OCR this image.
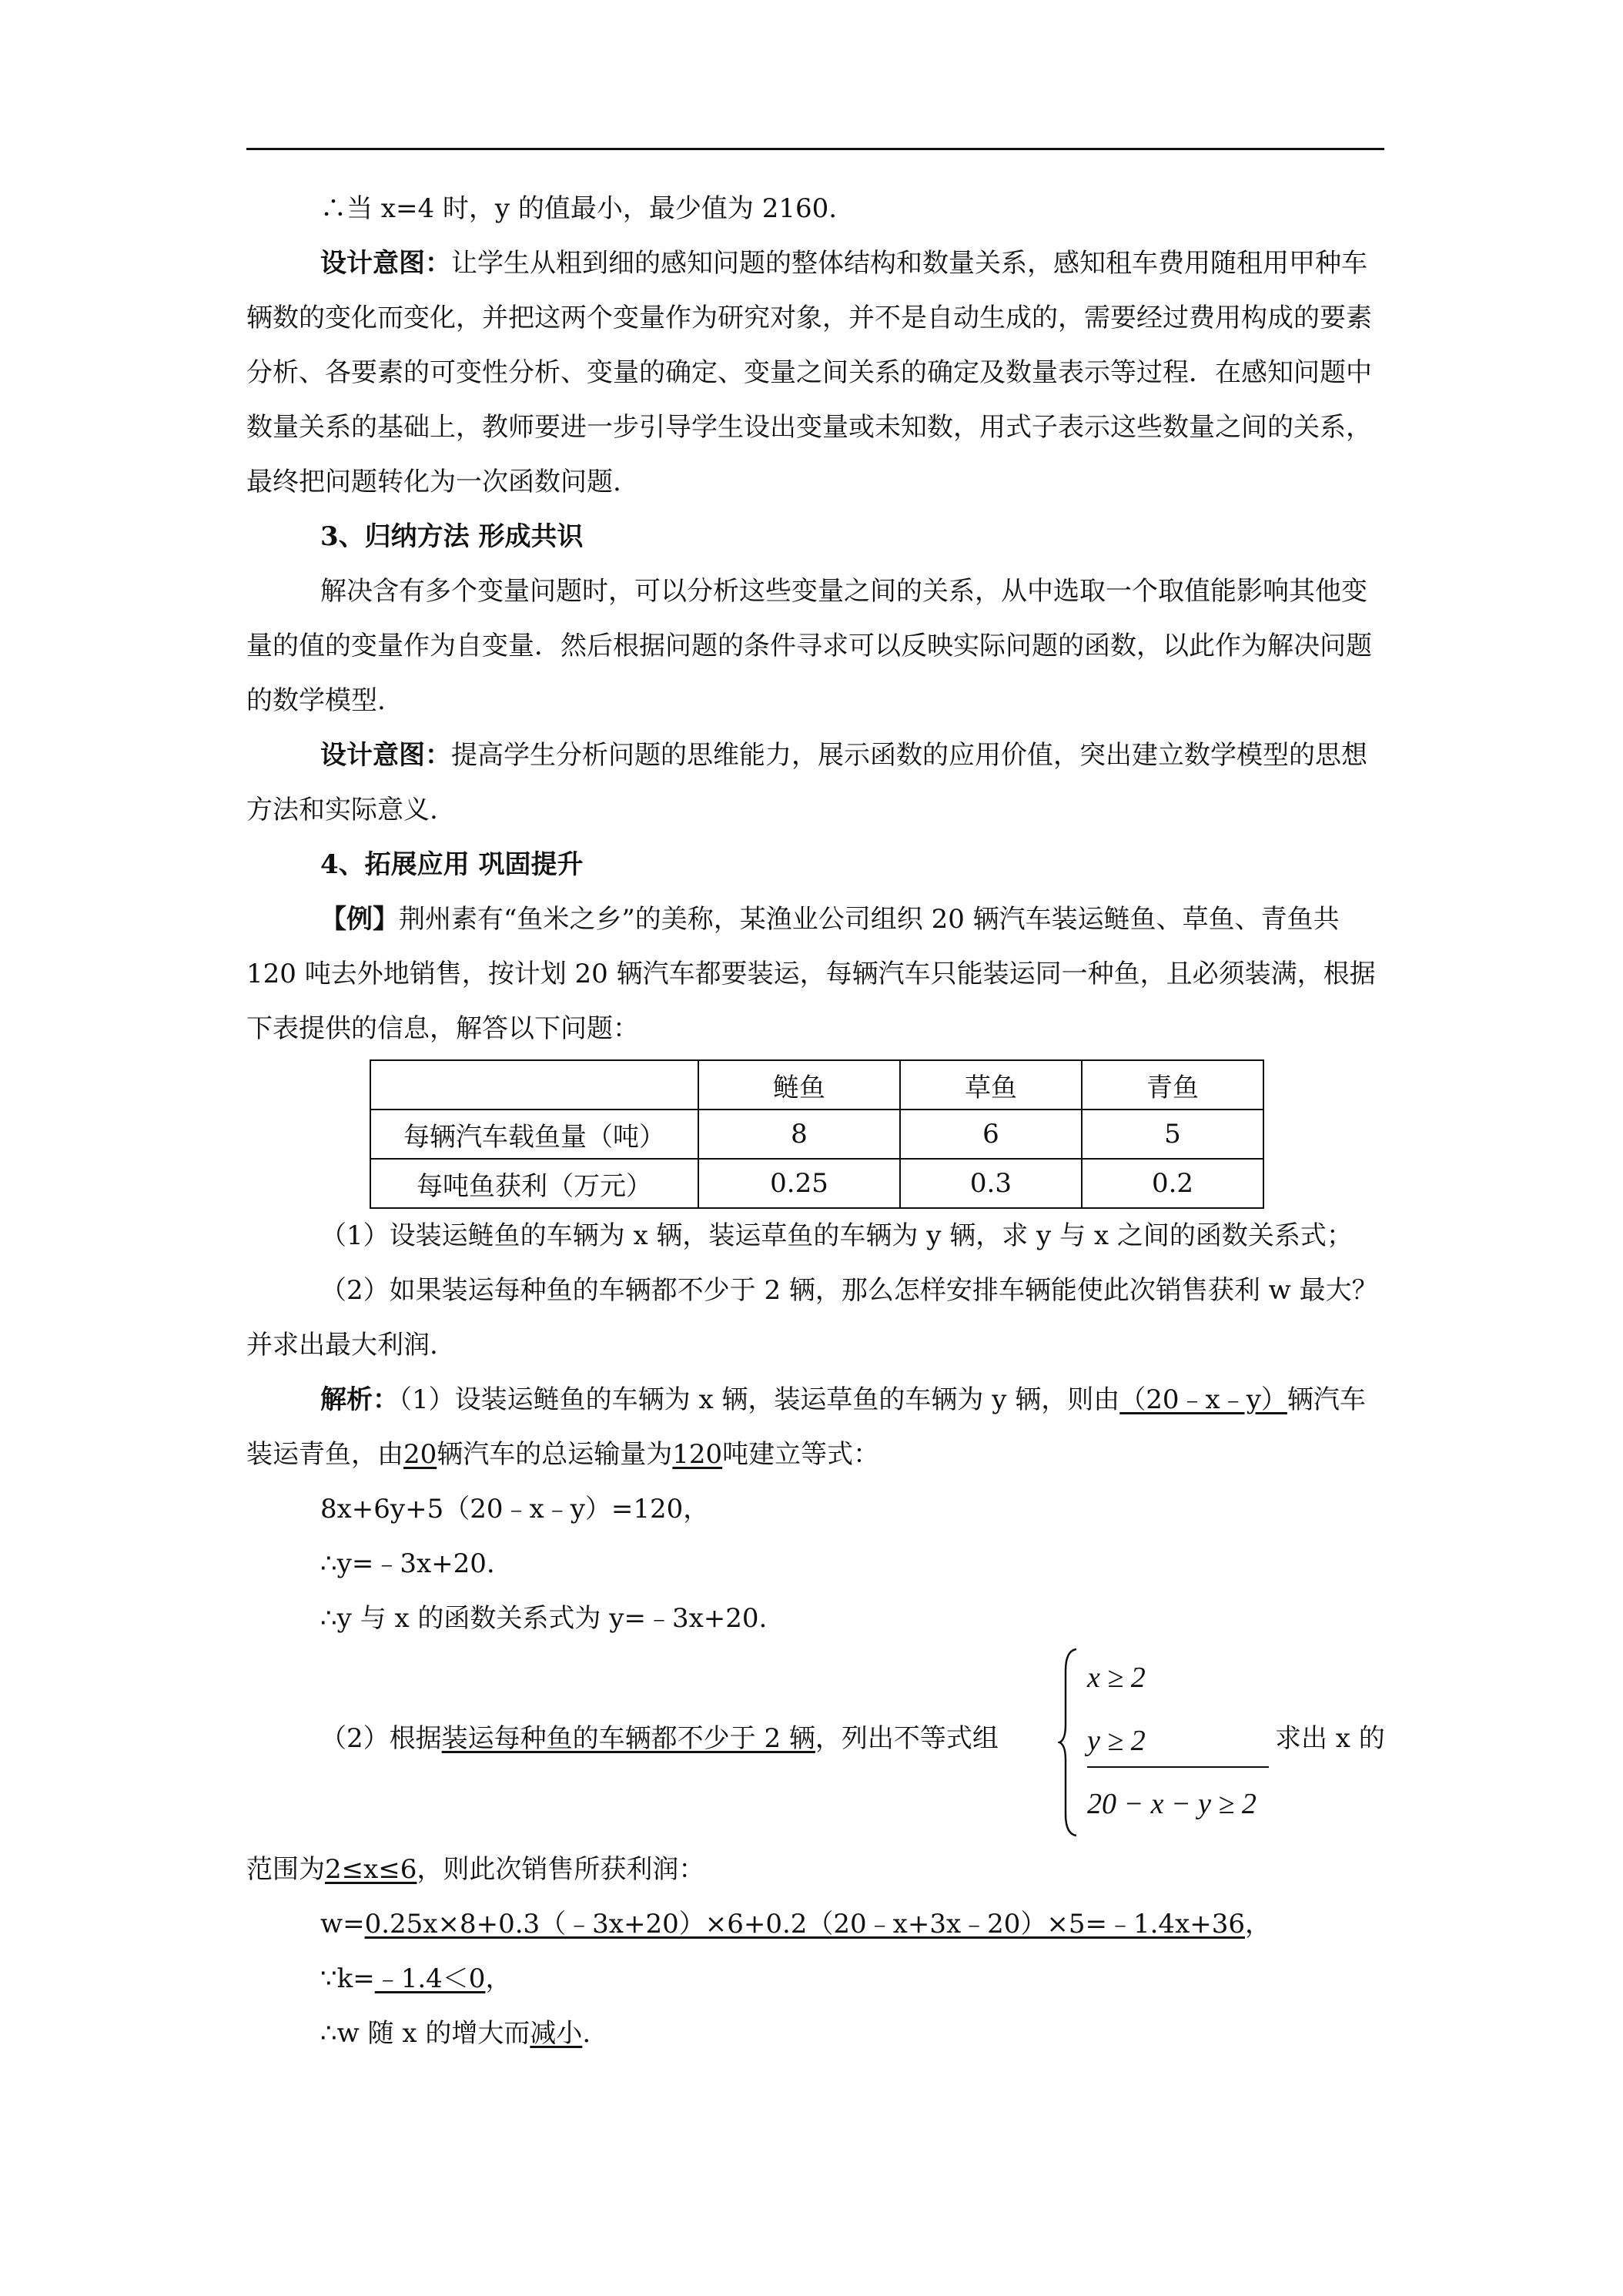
∴当 x=4 时，y 的值最小，最少值为 2160.

设计意图：让学生从粗到细的感知问题的整体结构和数量关系，感知租车费用随租用甲种车辆数的变化而变化，并把这两个变量作为研究对象，并不是自动生成的，需要经过费用构成的要素分析、各要素的可变性分析、变量的确定、变量之间关系的确定及数量表示等过程．在感知问题中数量关系的基础上，教师要进一步引导学生设出变量或未知数，用式子表示这些数量之间的关系，最终把问题转化为一次函数问题.

3、归纳方法 形成共识

解决含有多个变量问题时，可以分析这些变量之间的关系，从中选取一个取值能影响其他变量的值的变量作为自变量．然后根据问题的条件寻求可以反映实际问题的函数，以此作为解决问题的数学模型.

设计意图：提高学生分析问题的思维能力，展示函数的应用价值，突出建立数学模型的思想方法和实际意义.

4、拓展应用 巩固提升

【例】荆州素有“鱼米之乡”的美称，某渔业公司组织 20 辆汽车装运鲢鱼、草鱼、青鱼共 120 吨去外地销售，按计划 20 辆汽车都要装运，每辆汽车只能装运同一种鱼，且必须装满，根据下表提供的信息，解答以下问题：

	鲢鱼	草鱼	青鱼
每辆汽车载鱼量（吨）	8	6	5
每吨鱼获利（万元）	0.25	0.3	0.2

（1）设装运鲢鱼的车辆为 x 辆，装运草鱼的车辆为 y 辆，求 y 与 x 之间的函数关系式；

（2）如果装运每种鱼的车辆都不少于 2 辆，那么怎样安排车辆能使此次销售获利 w 最大？并求出最大利润.

解析：（1）设装运鲢鱼的车辆为 x 辆，装运草鱼的车辆为 y 辆，则由（20﹣x﹣y）辆汽车装运青鱼，由20辆汽车的总运输量为120吨建立等式：

8x+6y+5（20﹣x﹣y）=120，

∴y=﹣3x+20.

∴y 与 x 的函数关系式为 y=﹣3x+20.

（2）根据装运每种鱼的车辆都不少于 2 辆，列出不等式组
x ≥ 2
y ≥ 2
20 − x − y ≥ 2
求出 x 的

范围为2≤x≤6，则此次销售所获利润：

w=0.25x×8+0.3（﹣3x+20）×6+0.2（20﹣x+3x﹣20）×5=﹣1.4x+36，

∵k=﹣1.4＜0，

∴w 随 x 的增大而减小.
